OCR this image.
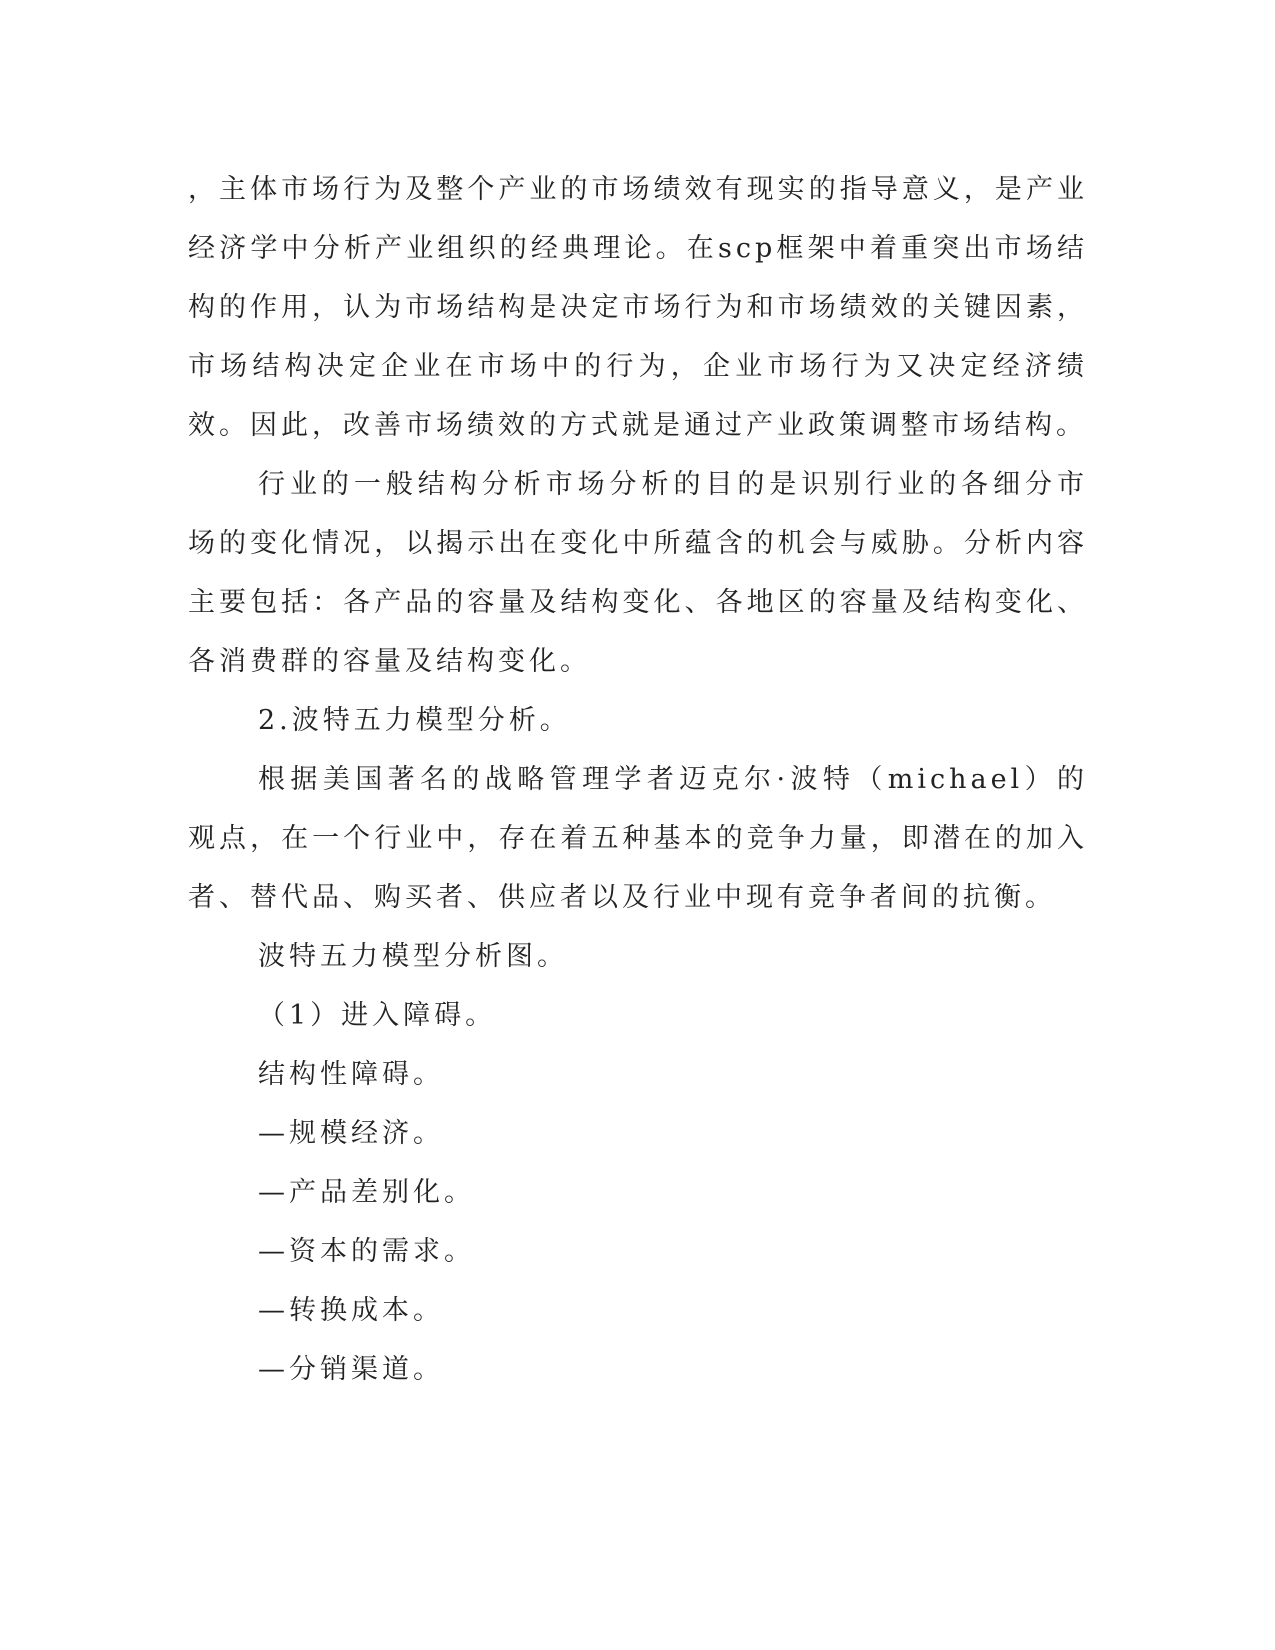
，主体市场行为及整个产业的市场绩效有现实的指导意义，是产业经济学中分析产业组织的经典理论。在scp框架中着重突出市场结构的作用，认为市场结构是决定市场行为和市场绩效的关键因素，市场结构决定企业在市场中的行为，企业市场行为又决定经济绩效。因此，改善市场绩效的方式就是通过产业政策调整市场结构。

行业的一般结构分析市场分析的目的是识别行业的各细分市场的变化情况，以揭示出在变化中所蕴含的机会与威胁。分析内容主要包括：各产品的容量及结构变化、各地区的容量及结构变化、各消费群的容量及结构变化。

2.波特五力模型分析。

根据美国著名的战略管理学者迈克尔·波特（michael）的观点，在一个行业中，存在着五种基本的竞争力量，即潜在的加入者、替代品、购买者、供应者以及行业中现有竞争者间的抗衡。

波特五力模型分析图。

（1）进入障碍。

结构性障碍。

—规模经济。

—产品差别化。

—资本的需求。

—转换成本。

—分销渠道。
